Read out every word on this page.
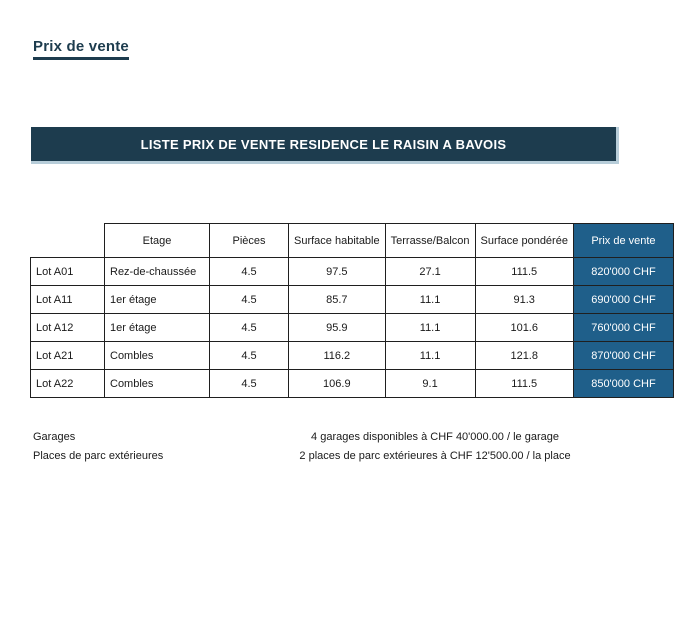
Prix de vente
LISTE PRIX DE VENTE RESIDENCE LE RAISIN A BAVOIS
	Etage	Pièces	Surface habitable	Terrasse/Balcon	Surface pondérée	Prix de vente
Lot A01	Rez-de-chaussée	4.5	97.5	27.1	111.5	820'000 CHF
Lot A11	1er étage	4.5	85.7	11.1	91.3	690'000 CHF
Lot A12	1er étage	4.5	95.9	11.1	101.6	760'000 CHF
Lot A21	Combles	4.5	116.2	11.1	121.8	870'000 CHF
Lot A22	Combles	4.5	106.9	9.1	111.5	850'000 CHF
Garages	4 garages disponibles à CHF 40'000.00 / le garage
Places de parc extérieures	2 places de parc extérieures à CHF 12'500.00 / la place
